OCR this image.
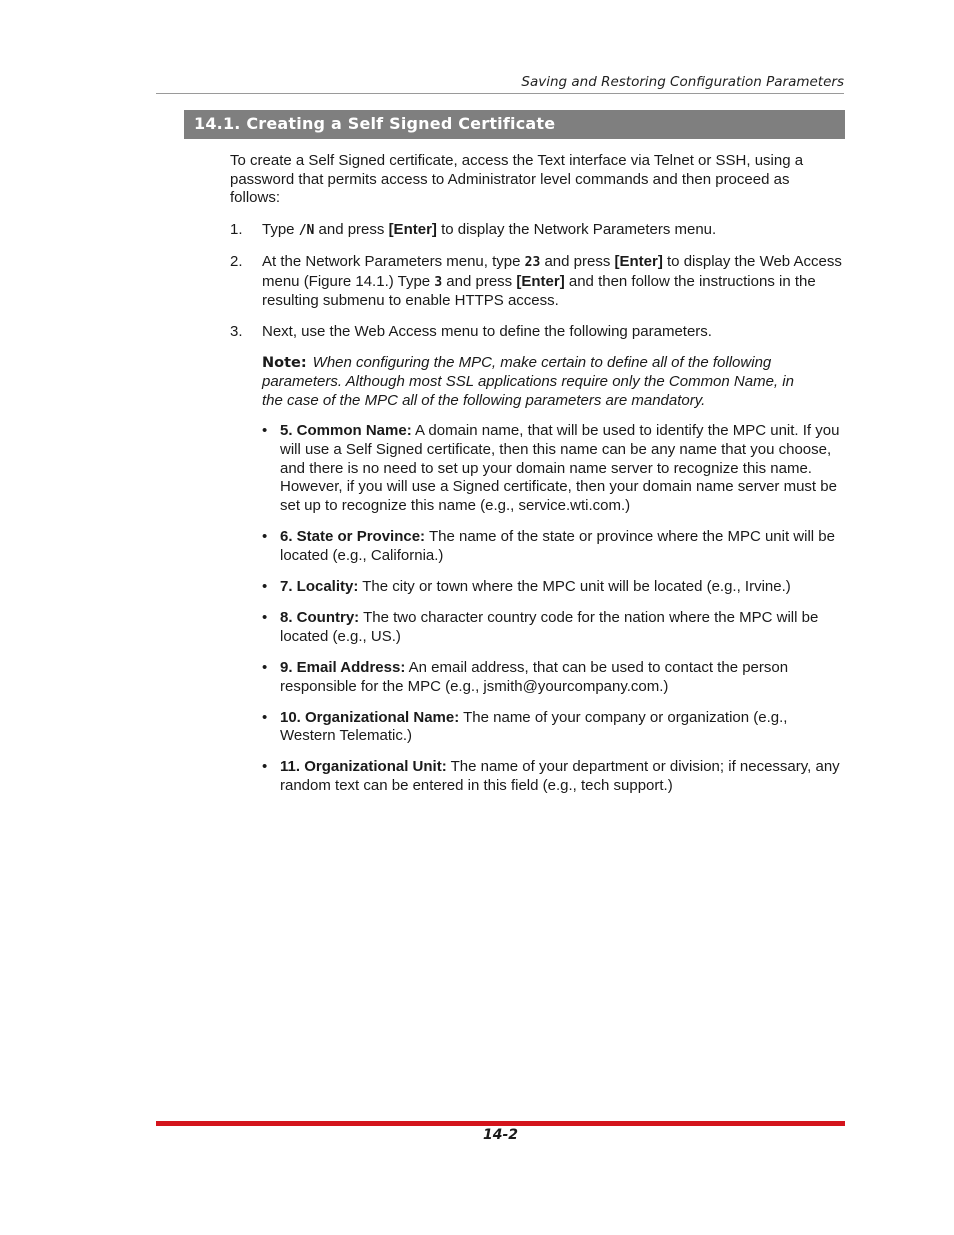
Saving and Restoring Configuration Parameters
14.1. Creating a Self Signed Certificate

To create a Self Signed certificate, access the Text interface via Telnet or SSH, using a password that permits access to Administrator level commands and then proceed as follows:

1. Type /N and press [Enter] to display the Network Parameters menu.
2. At the Network Parameters menu, type 23 and press [Enter] to display the Web Access menu (Figure 14.1.) Type 3 and press [Enter] and then follow the instructions in the resulting submenu to enable HTTPS access.
3. Next, use the Web Access menu to define the following parameters.

Note: When configuring the MPC, make certain to define all of the following parameters. Although most SSL applications require only the Common Name, in the case of the MPC all of the following parameters are mandatory.

• 5. Common Name: A domain name, that will be used to identify the MPC unit. If you will use a Self Signed certificate, then this name can be any name that you choose, and there is no need to set up your domain name server to recognize this name. However, if you will use a Signed certificate, then your domain name server must be set up to recognize this name (e.g., service.wti.com.)
• 6. State or Province: The name of the state or province where the MPC unit will be located (e.g., California.)
• 7. Locality: The city or town where the MPC unit will be located (e.g., Irvine.)
• 8. Country: The two character country code for the nation where the MPC will be located (e.g., US.)
• 9. Email Address: An email address, that can be used to contact the person responsible for the MPC (e.g., jsmith@yourcompany.com.)
• 10. Organizational Name: The name of your company or organization (e.g., Western Telematic.)
• 11. Organizational Unit: The name of your department or division; if necessary, any random text can be entered in this field (e.g., tech support.)
14-2
